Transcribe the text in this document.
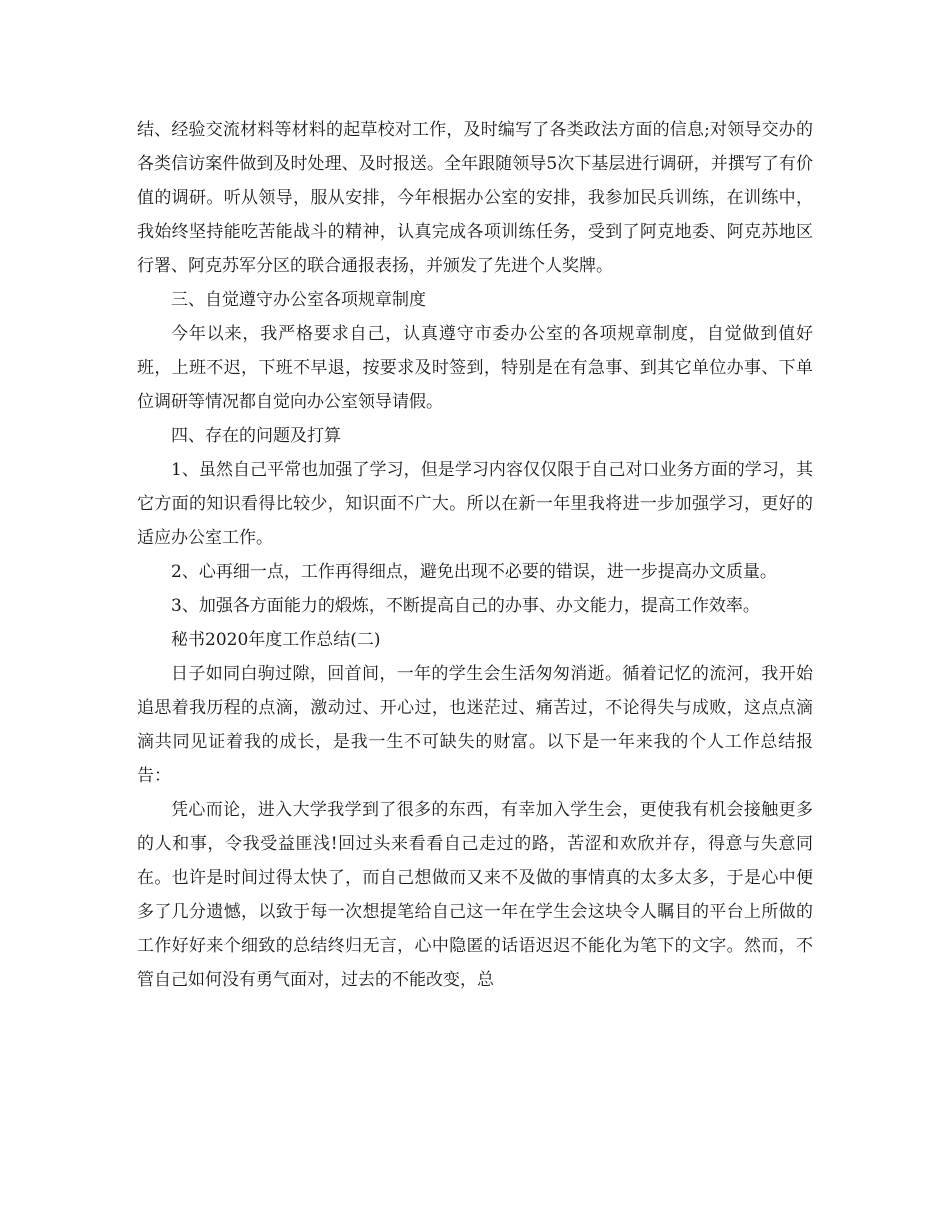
结、经验交流材料等材料的起草校对工作，及时编写了各类政法方面的信息;对领导交办的各类信访案件做到及时处理、及时报送。全年跟随领导5次下基层进行调研，并撰写了有价值的调研。听从领导，服从安排，今年根据办公室的安排，我参加民兵训练，在训练中，我始终坚持能吃苦能战斗的精神，认真完成各项训练任务，受到了阿克地委、阿克苏地区行署、阿克苏军分区的联合通报表扬，并颁发了先进个人奖牌。

三、自觉遵守办公室各项规章制度

今年以来，我严格要求自己，认真遵守市委办公室的各项规章制度，自觉做到值好班，上班不迟，下班不早退，按要求及时签到，特别是在有急事、到其它单位办事、下单位调研等情况都自觉向办公室领导请假。

四、存在的问题及打算

1、虽然自己平常也加强了学习，但是学习内容仅仅限于自己对口业务方面的学习，其它方面的知识看得比较少，知识面不广大。所以在新一年里我将进一步加强学习，更好的适应办公室工作。

2、心再细一点，工作再得细点，避免出现不必要的错误，进一步提高办文质量。

3、加强各方面能力的煅炼，不断提高自己的办事、办文能力，提高工作效率。

秘书2020年度工作总结(二)

日子如同白驹过隙，回首间，一年的学生会生活匆匆消逝。循着记忆的流河，我开始追思着我历程的点滴，激动过、开心过，也迷茫过、痛苦过，不论得失与成败，这点点滴滴共同见证着我的成长，是我一生不可缺失的财富。以下是一年来我的个人工作总结报告：

凭心而论，进入大学我学到了很多的东西，有幸加入学生会，更使我有机会接触更多的人和事，令我受益匪浅!回过头来看看自己走过的路，苦涩和欢欣并存，得意与失意同在。也许是时间过得太快了，而自己想做而又来不及做的事情真的太多太多，于是心中便多了几分遗憾，以致于每一次想提笔给自己这一年在学生会这块令人瞩目的平台上所做的工作好好来个细致的总结终归无言，心中隐匿的话语迟迟不能化为笔下的文字。然而，不管自己如何没有勇气面对，过去的不能改变，总
